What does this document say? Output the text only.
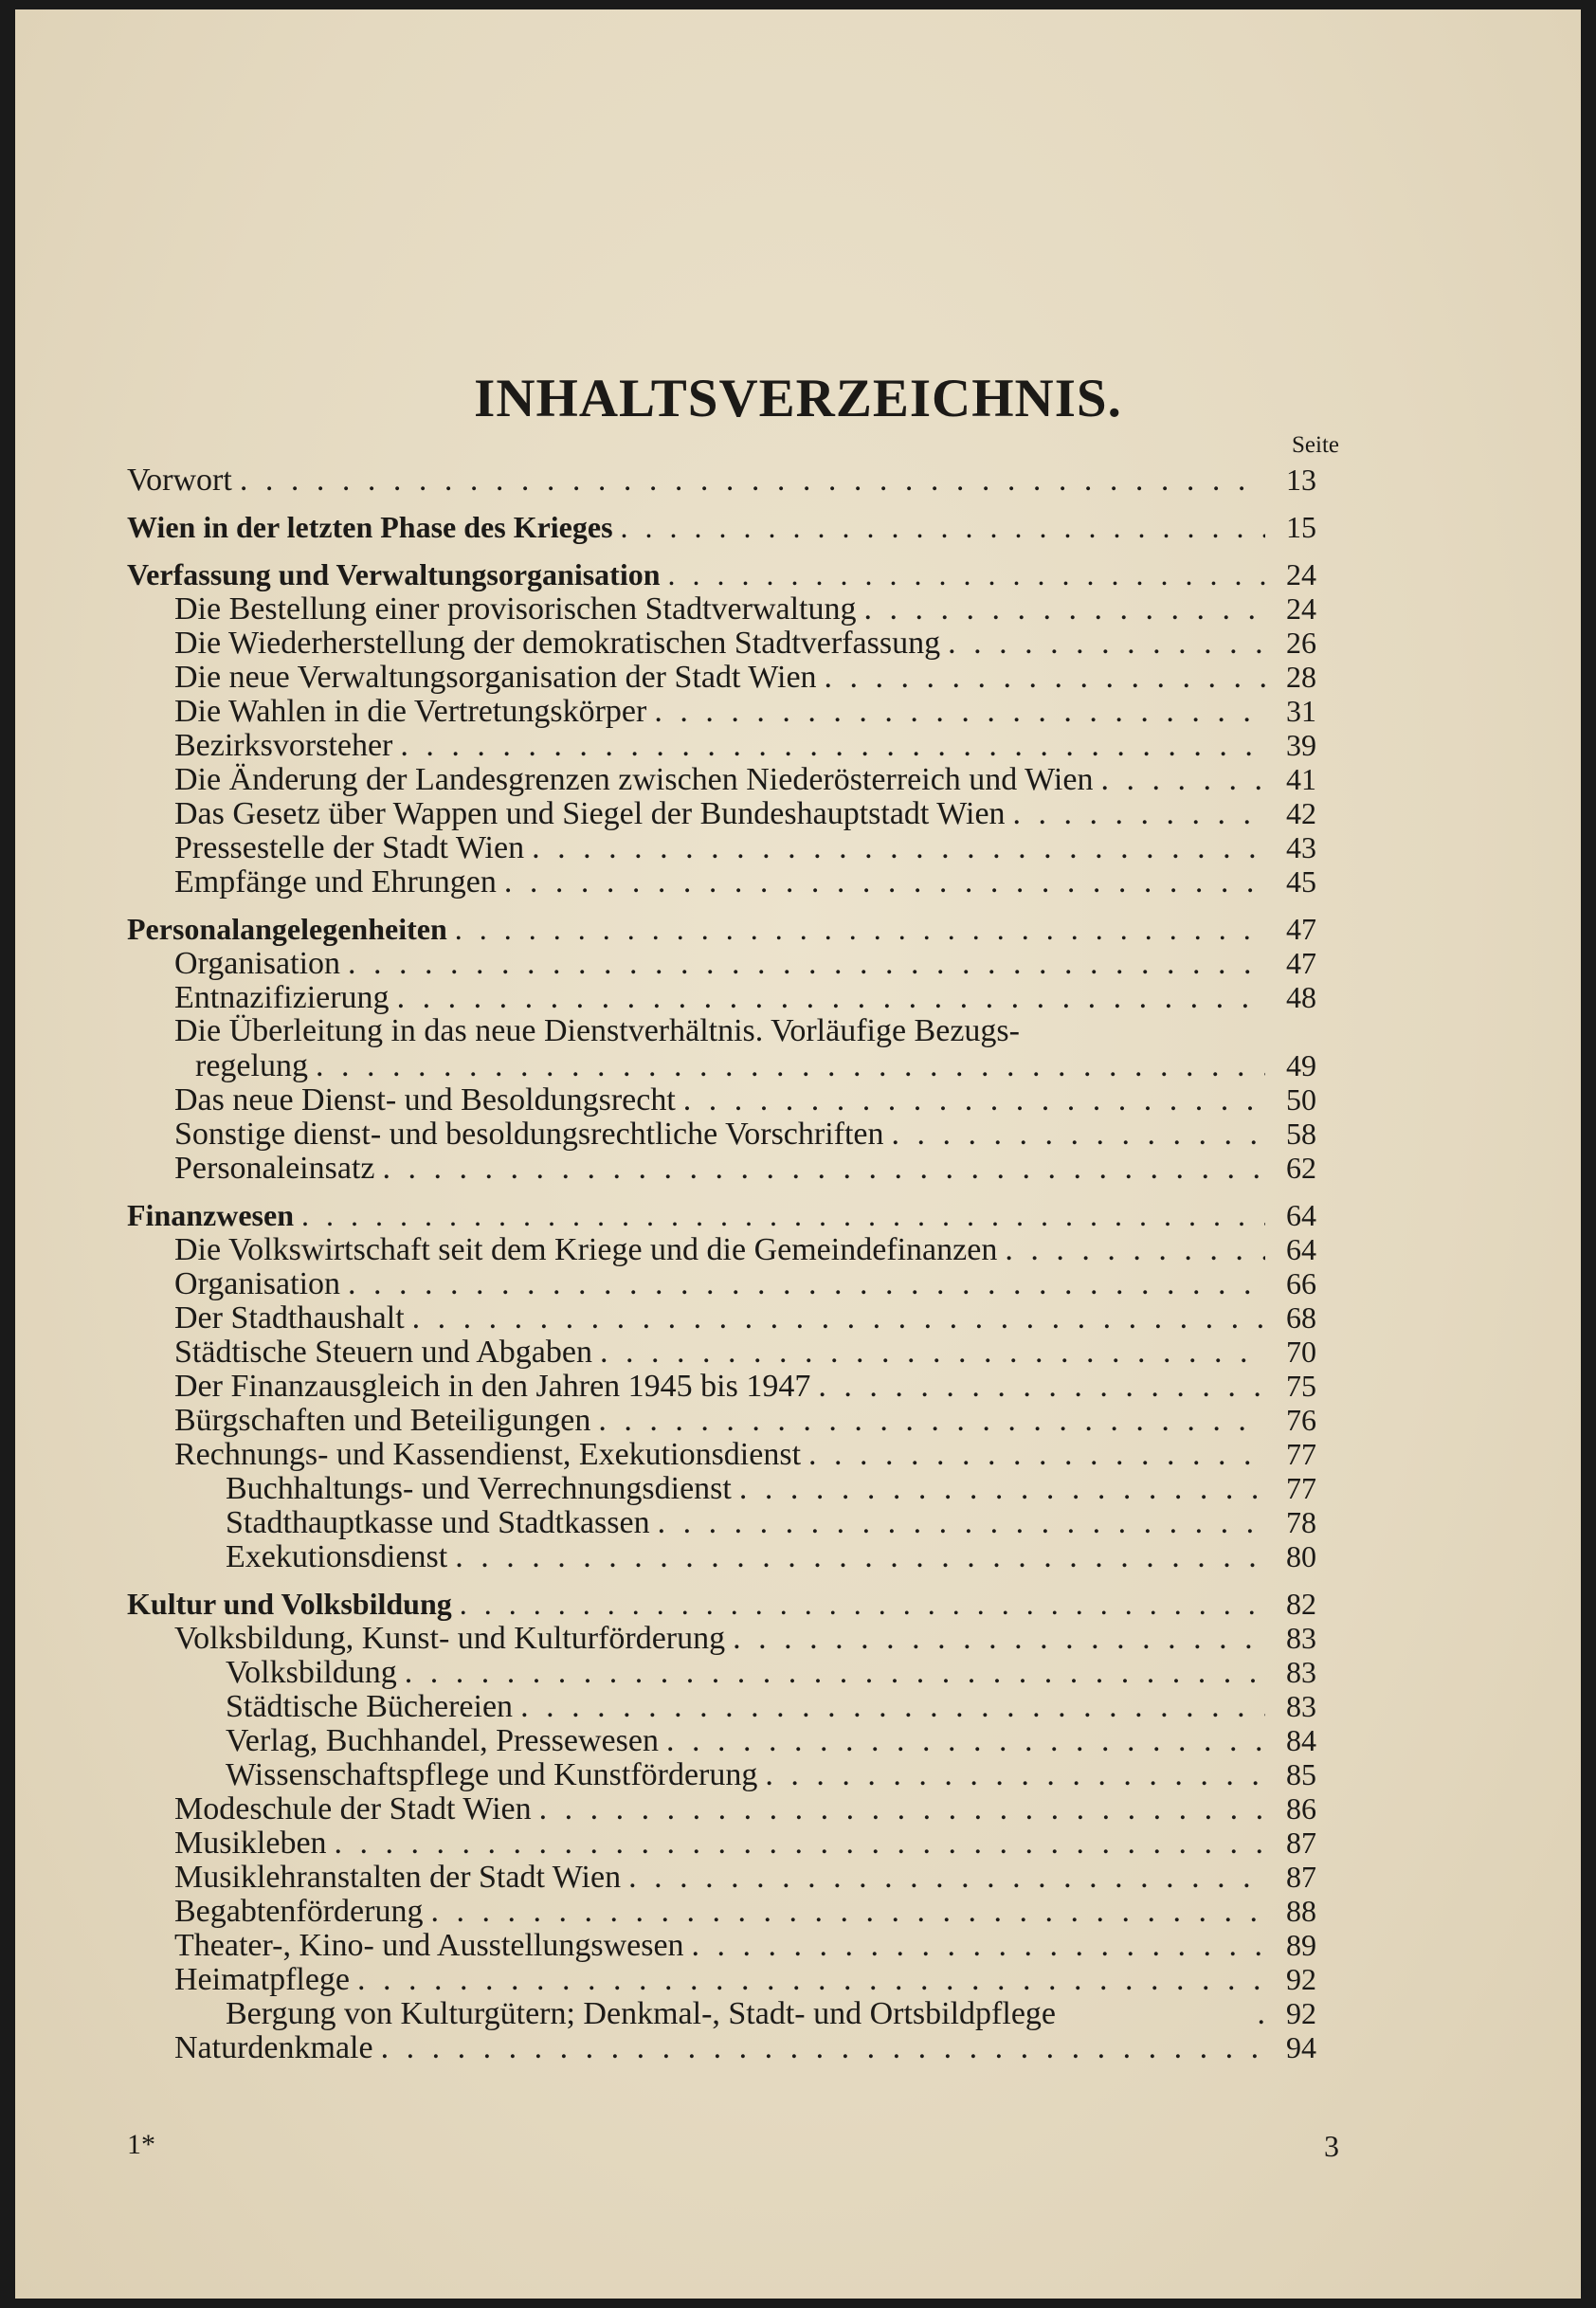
INHALTSVERZEICHNIS.
Seite
Vorwort . . .	13
Wien in der letzten Phase des Krieges . . .	15
Verfassung und Verwaltungsorganisation . . .	24
Die Bestellung einer provisorischen Stadtverwaltung . . .	24
Die Wiederherstellung der demokratischen Stadtverfassung . . .	26
Die neue Verwaltungsorganisation der Stadt Wien . . .	28
Die Wahlen in die Vertretungskörper . . .	31
Bezirksvorsteher . . .	39
Die Änderung der Landesgrenzen zwischen Niederösterreich und Wien . . .	41
Das Gesetz über Wappen und Siegel der Bundeshauptstadt Wien . . .	42
Pressestelle der Stadt Wien . . .	43
Empfänge und Ehrungen . . .	45
Personalangelegenheiten . . .	47
Organisation . . .	47
Entnazifizierung . . .	48
Die Überleitung in das neue Dienstverhältnis. Vorläufige Bezugs-
regelung . . .	49
Das neue Dienst- und Besoldungsrecht . . .	50
Sonstige dienst- und besoldungsrechtliche Vorschriften . . .	58
Personaleinsatz . . .	62
Finanzwesen . . .	64
Die Volkswirtschaft seit dem Kriege und die Gemeindefinanzen . . .	64
Organisation . . .	66
Der Stadthaushalt . . .	68
Städtische Steuern und Abgaben . . .	70
Der Finanzausgleich in den Jahren 1945 bis 1947 . . .	75
Bürgschaften und Beteiligungen . . .	76
Rechnungs- und Kassendienst, Exekutionsdienst . . .	77
Buchhaltungs- und Verrechnungsdienst . . .	77
Stadthauptkasse und Stadtkassen . . .	78
Exekutionsdienst . . .	80
Kultur und Volksbildung . . .	82
Volksbildung, Kunst- und Kulturförderung . . .	83
Volksbildung . . .	83
Städtische Büchereien . . .	83
Verlag, Buchhandel, Pressewesen . . .	84
Wissenschaftspflege und Kunstförderung . . .	85
Modeschule der Stadt Wien . . .	86
Musikleben . . .	87
Musiklehranstalten der Stadt Wien . . .	87
Begabtenförderung . . .	88
Theater-, Kino- und Ausstellungswesen . . .	89
Heimatpflege . . .	92
Bergung von Kulturgütern; Denkmal-, Stadt- und Ortsbildpflege	. 92
Naturdenkmale . . .	94
1*	3
